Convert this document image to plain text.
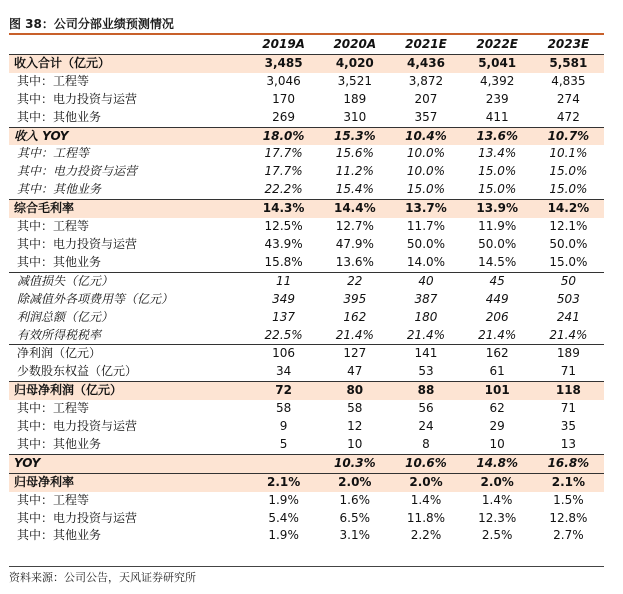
图 38：公司分部业绩预测情况
	2019A	2020A	2021E	2022E	2023E
收入合计（亿元）	3,485	4,020	4,436	5,041	5,581
其中：工程等	3,046	3,521	3,872	4,392	4,835
其中：电力投资与运营	170	189	207	239	274
其中：其他业务	269	310	357	411	472
收入 YOY	18.0%	15.3%	10.4%	13.6%	10.7%
其中：工程等	17.7%	15.6%	10.0%	13.4%	10.1%
其中：电力投资与运营	17.7%	11.2%	10.0%	15.0%	15.0%
其中：其他业务	22.2%	15.4%	15.0%	15.0%	15.0%
综合毛利率	14.3%	14.4%	13.7%	13.9%	14.2%
其中：工程等	12.5%	12.7%	11.7%	11.9%	12.1%
其中：电力投资与运营	43.9%	47.9%	50.0%	50.0%	50.0%
其中：其他业务	15.8%	13.6%	14.0%	14.5%	15.0%
减值损失（亿元）	11	22	40	45	50
除减值外各项费用等（亿元）	349	395	387	449	503
利润总额（亿元）	137	162	180	206	241
有效所得税税率	22.5%	21.4%	21.4%	21.4%	21.4%
净利润（亿元）	106	127	141	162	189
少数股东权益（亿元）	34	47	53	61	71
归母净利润（亿元）	72	80	88	101	118
其中：工程等	58	58	56	62	71
其中：电力投资与运营	9	12	24	29	35
其中：其他业务	5	10	8	10	13
YOY		10.3%	10.6%	14.8%	16.8%
归母净利率	2.1%	2.0%	2.0%	2.0%	2.1%
其中：工程等	1.9%	1.6%	1.4%	1.4%	1.5%
其中：电力投资与运营	5.4%	6.5%	11.8%	12.3%	12.8%
其中：其他业务	1.9%	3.1%	2.2%	2.5%	2.7%
资料来源：公司公告，天风证券研究所
